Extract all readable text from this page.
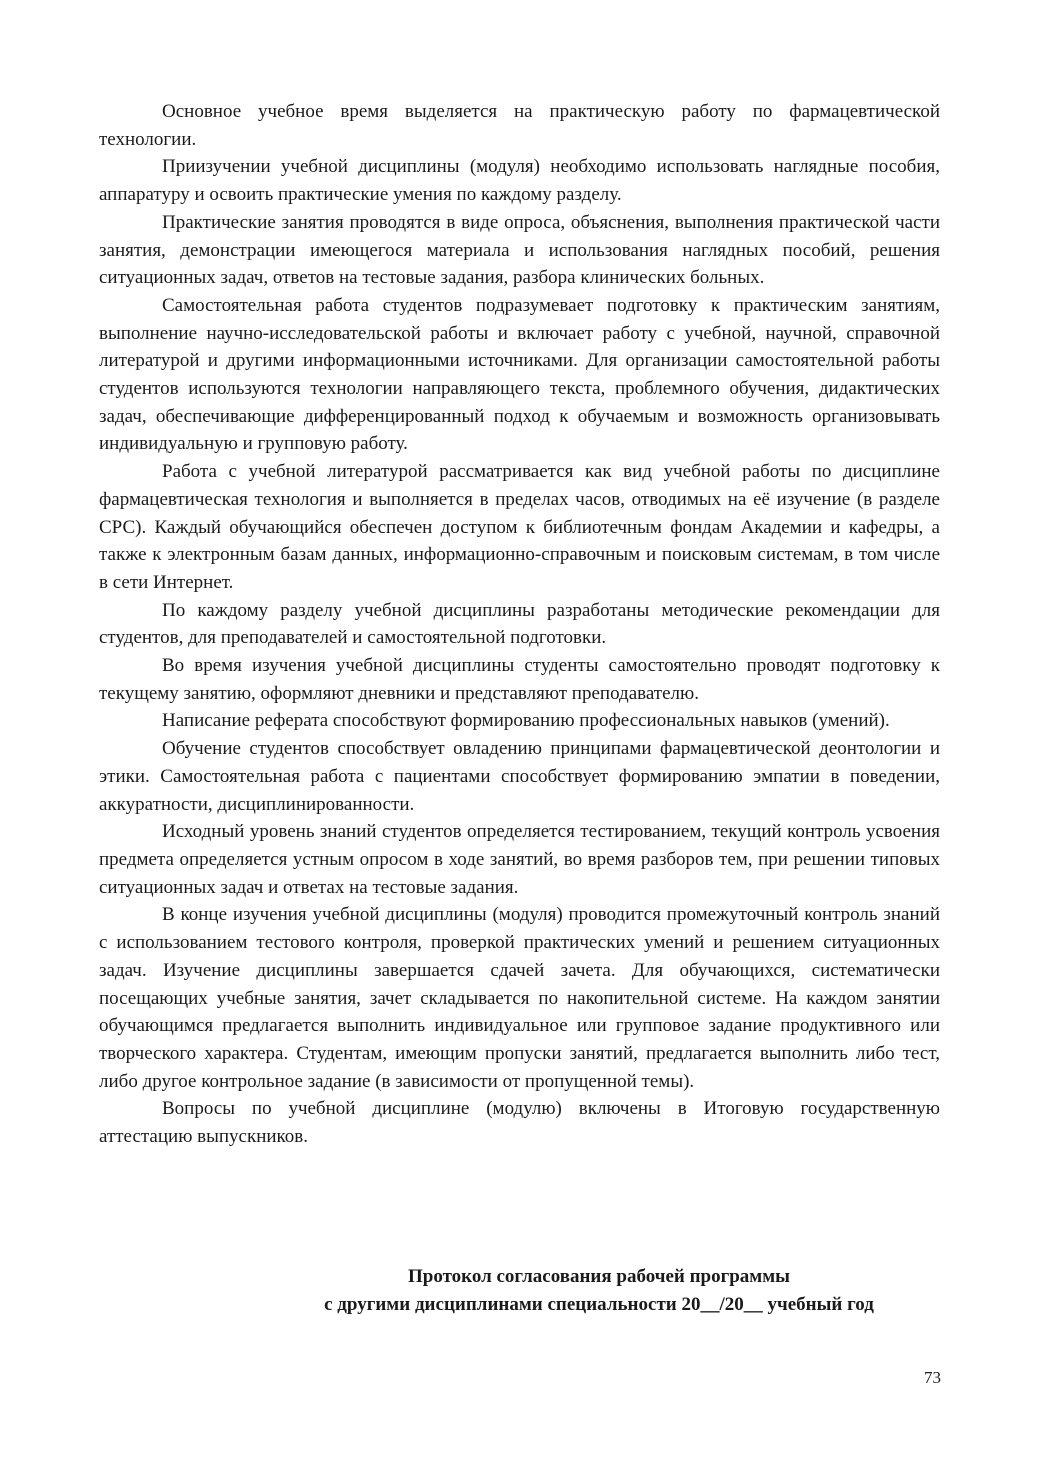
Основное учебное время выделяется на практическую работу по фармацевтической технологии.

Приизучении учебной дисциплины (модуля) необходимо использовать наглядные пособия, аппаратуру и освоить практические умения по каждому разделу.

Практические занятия проводятся в виде опроса, объяснения, выполнения практической части занятия, демонстрации имеющегося материала и использования наглядных пособий, решения ситуационных задач, ответов на тестовые задания, разбора клинических больных.

Самостоятельная работа студентов подразумевает подготовку к практическим занятиям, выполнение научно-исследовательской работы и включает работу с учебной, научной, справочной литературой и другими информационными источниками. Для организации самостоятельной работы студентов используются технологии направляющего текста, проблемного обучения, дидактических задач, обеспечивающие дифференцированный подход к обучаемым и возможность организовывать индивидуальную и групповую работу.

Работа с учебной литературой рассматривается как вид учебной работы по дисциплине фармацевтическая технология и выполняется в пределах часов, отводимых на её изучение (в разделе СРС). Каждый обучающийся обеспечен доступом к библиотечным фондам Академии и кафедры, а также к электронным базам данных, информационно-справочным и поисковым системам, в том числе в сети Интернет.

По каждому разделу учебной дисциплины разработаны методические рекомендации для студентов, для преподавателей и самостоятельной подготовки.

Во время изучения учебной дисциплины студенты самостоятельно проводят подготовку к текущему занятию, оформляют дневники и представляют преподавателю.

Написание реферата способствуют формированию профессиональных навыков (умений).

Обучение студентов способствует овладению принципами фармацевтической деонтологии и этики. Самостоятельная работа с пациентами способствует формированию эмпатии в поведении, аккуратности, дисциплинированности.

Исходный уровень знаний студентов определяется тестированием, текущий контроль усвоения предмета определяется устным опросом в ходе занятий, во время разборов тем, при решении типовых ситуационных задач и ответах на тестовые задания.

В конце изучения учебной дисциплины (модуля) проводится промежуточный контроль знаний с использованием тестового контроля, проверкой практических умений и решением ситуационных задач. Изучение дисциплины завершается сдачей зачета. Для обучающихся, систематически посещающих учебные занятия, зачет складывается по накопительной системе. На каждом занятии обучающимся предлагается выполнить индивидуальное или групповое задание продуктивного или творческого характера. Студентам, имеющим пропуски занятий, предлагается выполнить либо тест, либо другое контрольное задание (в зависимости от пропущенной темы).

Вопросы по учебной дисциплине (модулю) включены в Итоговую государственную аттестацию выпускников.

Протокол согласования рабочей программы
с другими дисциплинами специальности 20__/20__ учебный год
73
